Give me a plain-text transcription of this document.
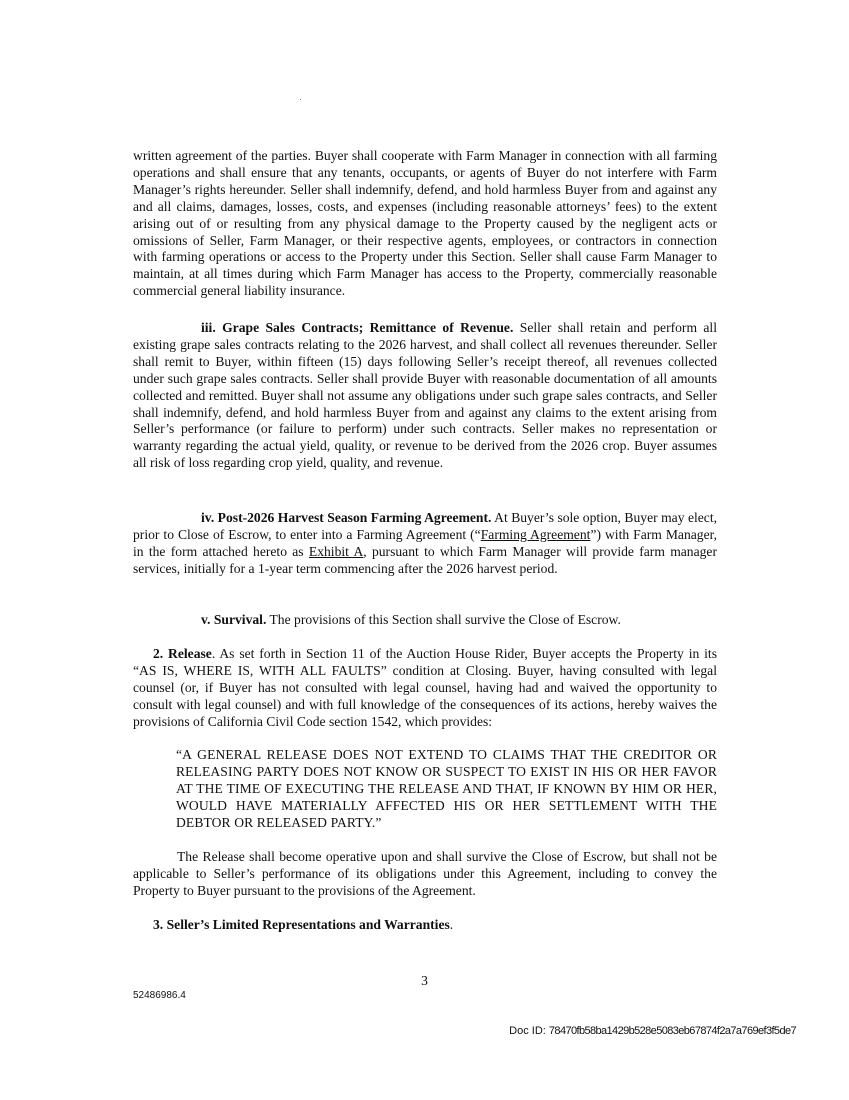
written agreement of the parties. Buyer shall cooperate with Farm Manager in connection with all farming operations and shall ensure that any tenants, occupants, or agents of Buyer do not interfere with Farm Manager’s rights hereunder. Seller shall indemnify, defend, and hold harmless Buyer from and against any and all claims, damages, losses, costs, and expenses (including reasonable attorneys’ fees) to the extent arising out of or resulting from any physical damage to the Property caused by the negligent acts or omissions of Seller, Farm Manager, or their respective agents, employees, or contractors in connection with farming operations or access to the Property under this Section. Seller shall cause Farm Manager to maintain, at all times during which Farm Manager has access to the Property, commercially reasonable commercial general liability insurance.

iii. Grape Sales Contracts; Remittance of Revenue. Seller shall retain and perform all existing grape sales contracts relating to the 2026 harvest, and shall collect all revenues thereunder. Seller shall remit to Buyer, within fifteen (15) days following Seller’s receipt thereof, all revenues collected under such grape sales contracts. Seller shall provide Buyer with reasonable documentation of all amounts collected and remitted. Buyer shall not assume any obligations under such grape sales contracts, and Seller shall indemnify, defend, and hold harmless Buyer from and against any claims to the extent arising from Seller’s performance (or failure to perform) under such contracts. Seller makes no representation or warranty regarding the actual yield, quality, or revenue to be derived from the 2026 crop. Buyer assumes all risk of loss regarding crop yield, quality, and revenue.

iv. Post-2026 Harvest Season Farming Agreement. At Buyer’s sole option, Buyer may elect, prior to Close of Escrow, to enter into a Farming Agreement (“Farming Agreement”) with Farm Manager, in the form attached hereto as Exhibit A, pursuant to which Farm Manager will provide farm manager services, initially for a 1-year term commencing after the 2026 harvest period.

v. Survival. The provisions of this Section shall survive the Close of Escrow.

2. Release. As set forth in Section 11 of the Auction House Rider, Buyer accepts the Property in its “AS IS, WHERE IS, WITH ALL FAULTS” condition at Closing. Buyer, having consulted with legal counsel (or, if Buyer has not consulted with legal counsel, having had and waived the opportunity to consult with legal counsel) and with full knowledge of the consequences of its actions, hereby waives the provisions of California Civil Code section 1542, which provides:

“A GENERAL RELEASE DOES NOT EXTEND TO CLAIMS THAT THE CREDITOR OR RELEASING PARTY DOES NOT KNOW OR SUSPECT TO EXIST IN HIS OR HER FAVOR AT THE TIME OF EXECUTING THE RELEASE AND THAT, IF KNOWN BY HIM OR HER, WOULD HAVE MATERIALLY AFFECTED HIS OR HER SETTLEMENT WITH THE DEBTOR OR RELEASED PARTY.”

The Release shall become operative upon and shall survive the Close of Escrow, but shall not be applicable to Seller’s performance of its obligations under this Agreement, including to convey the Property to Buyer pursuant to the provisions of the Agreement.

3. Seller’s Limited Representations and Warranties.

3
52486986.4
Doc ID: 78470fb58ba1429b528e5083eb67874f2a7a769ef3f5de7
